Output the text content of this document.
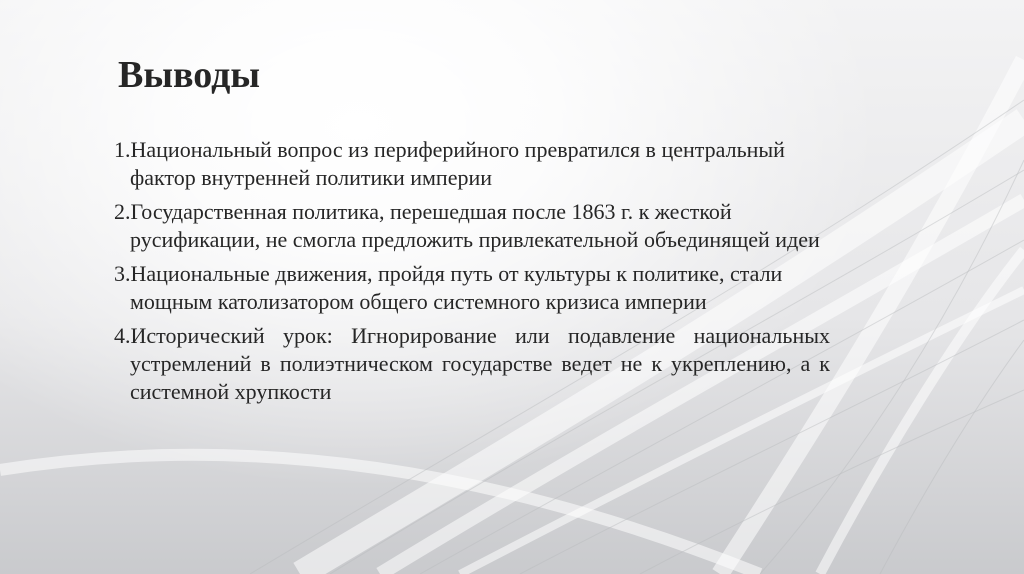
Выводы
1.Национальный вопрос из периферийного превратился в центральный фактор внутренней политики империи
2.Государственная политика, перешедшая после 1863 г. к жесткой русификации, не смогла предложить привлекательной объединящей идеи
3.Национальные движения, пройдя путь от культуры к политике, стали мощным католизатором общего системного кризиса империи
4.Исторический урок: Игнорирование или подавление национальных устремлений в полиэтническом государстве ведет не к укреплению, а к системной хрупкости
